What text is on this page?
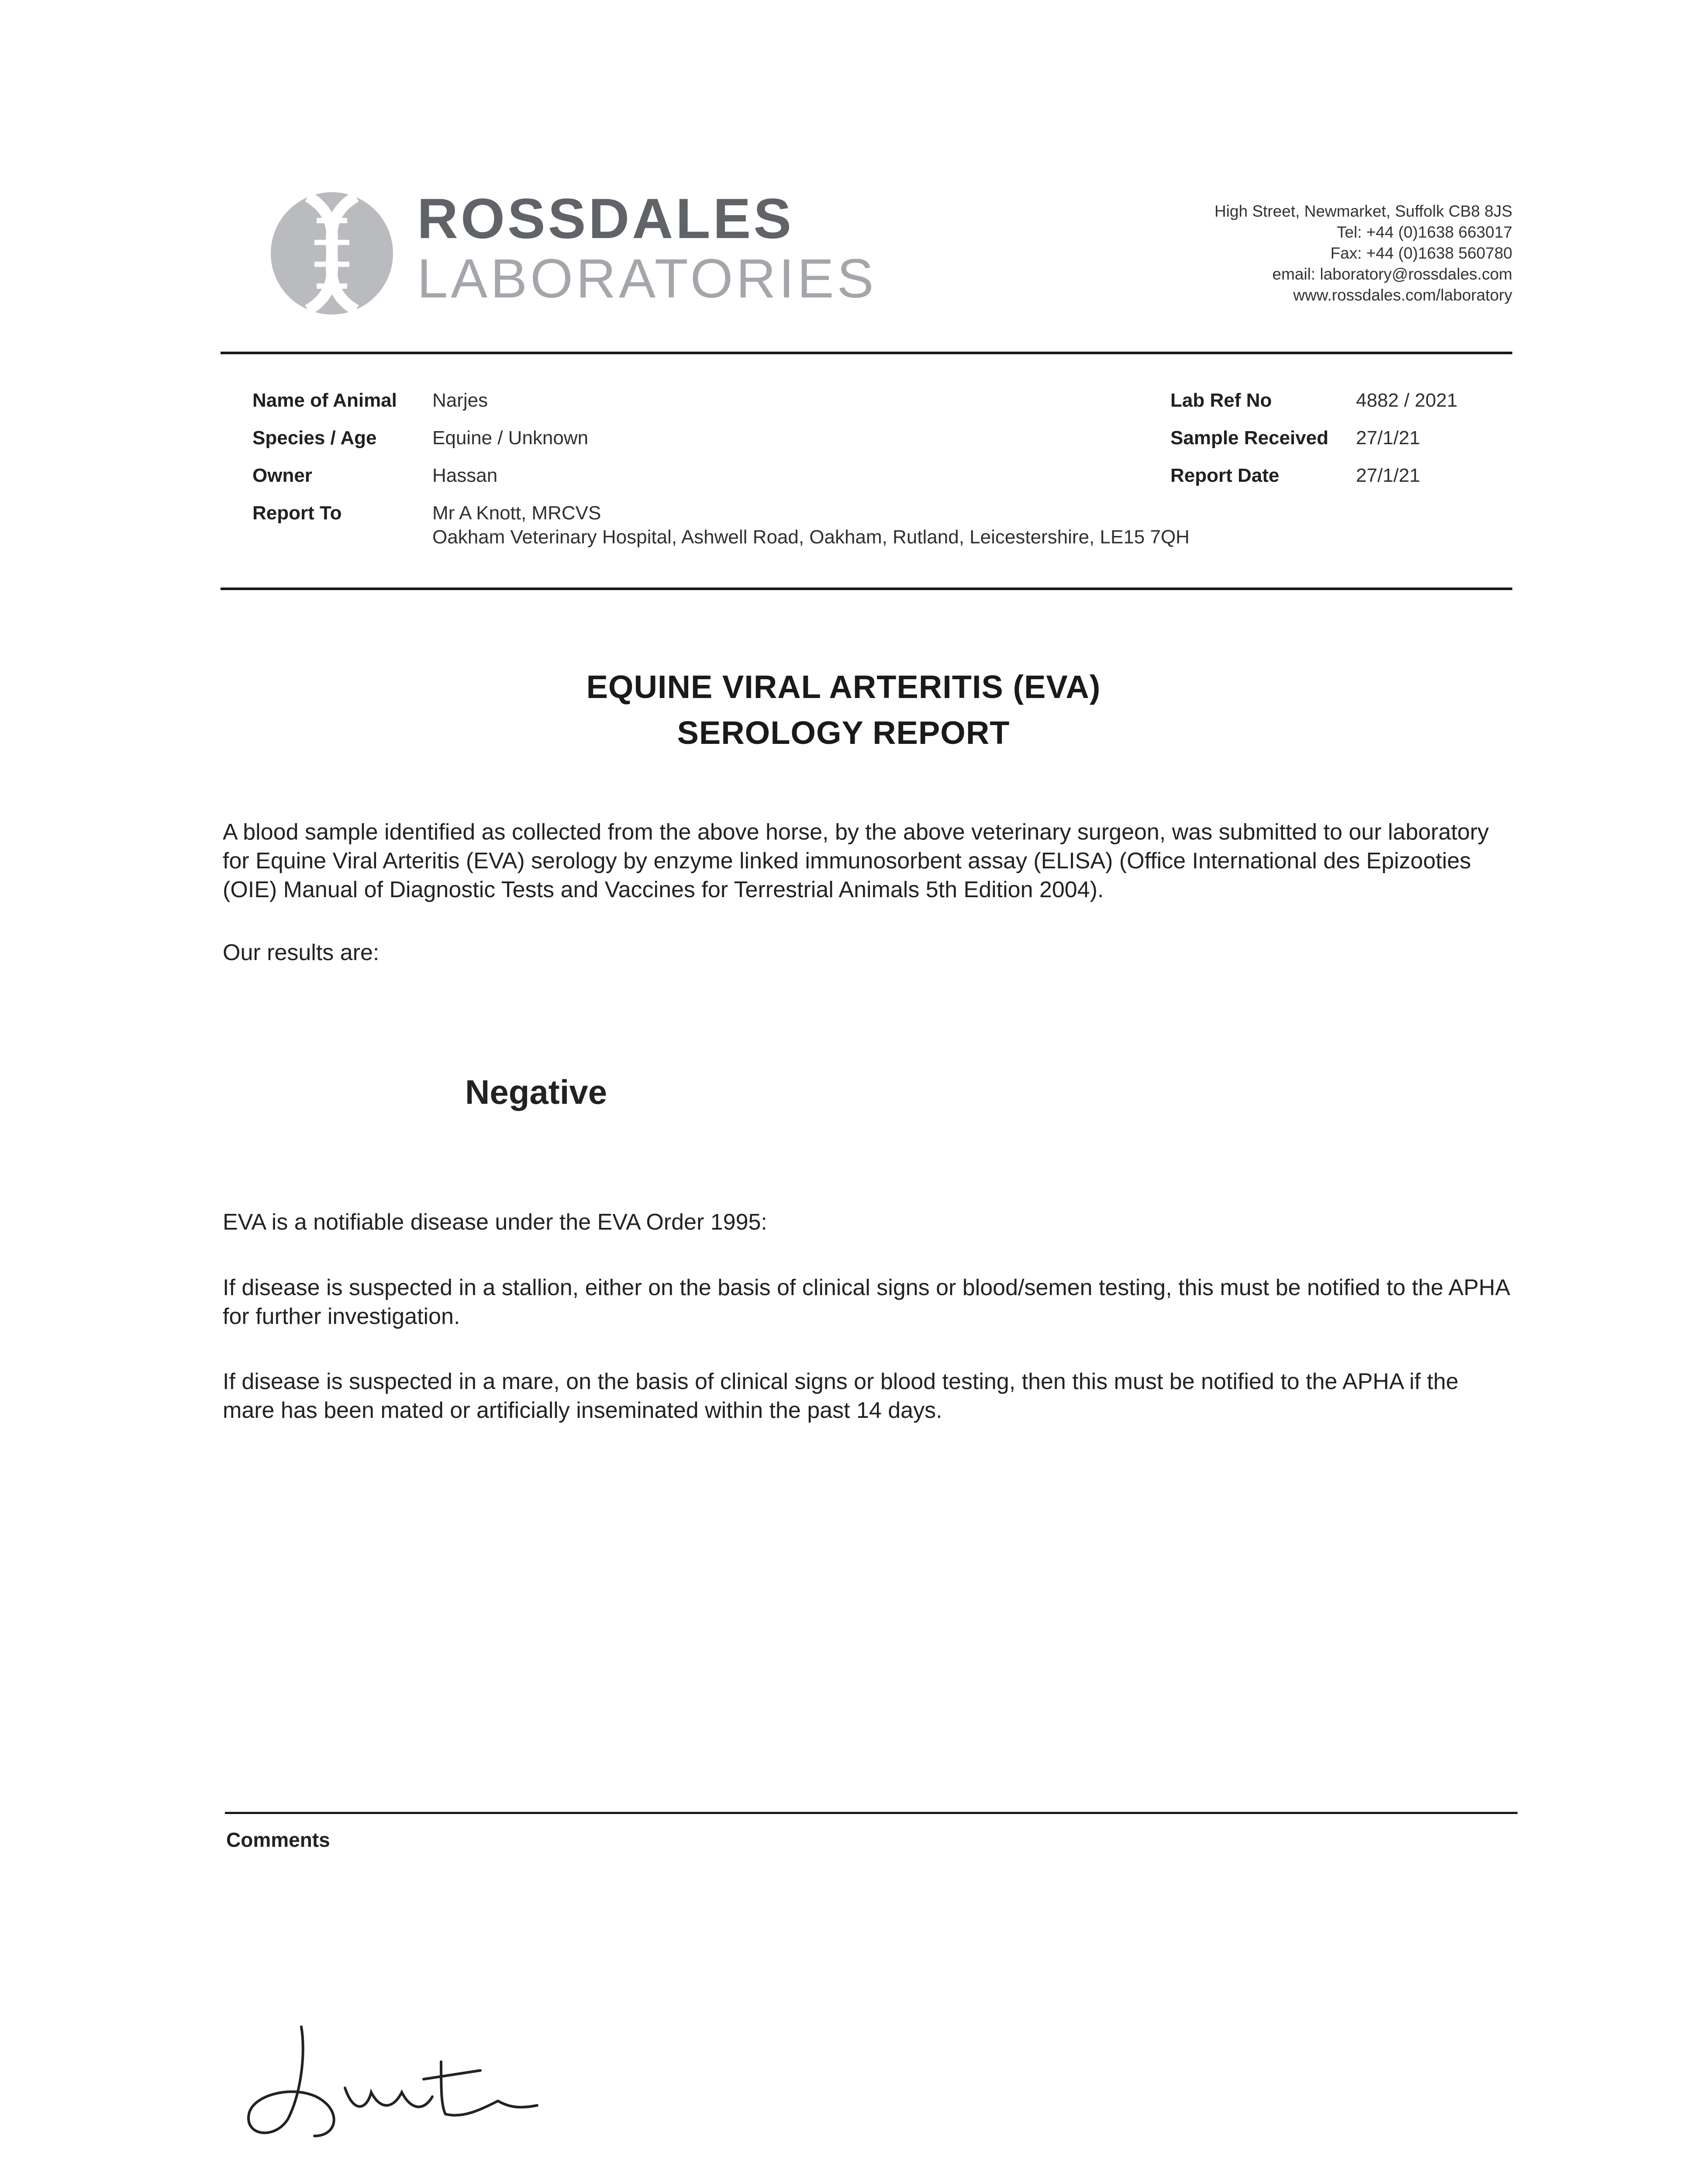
ROSSDALES
LABORATORIES
High Street, Newmarket, Suffolk CB8 8JS
Tel: +44 (0)1638 663017
Fax: +44 (0)1638 560780
email: laboratory@rossdales.com
www.rossdales.com/laboratory
Name of Animal Narjes
Species / Age	Equine / Unknown
Owner	Hassan
Report To	Mr A Knott, MRCVS
Oakham Veterinary Hospital, Ashwell Road, Oakham, Rutland, Leicestershire, LE15 7QH
Lab Ref No	4882 / 2021
Sample Received 27/1/21
Report Date	27/1/21
EQUINE VIRAL ARTERITIS (EVA)
SEROLOGY REPORT
A blood sample identified as collected from the above horse, by the above veterinary surgeon, was submitted to our laboratory for Equine Viral Arteritis (EVA) serology by enzyme linked immunosorbent assay (ELISA) (Office International des Epizooties (OIE) Manual of Diagnostic Tests and Vaccines for Terrestrial Animals 5th Edition 2004).
Our results are:
Negative
EVA is a notifiable disease under the EVA Order 1995:
If disease is suspected in a stallion, either on the basis of clinical signs or blood/semen testing, this must be notified to the APHA for further investigation.
If disease is suspected in a mare, on the basis of clinical signs or blood testing, then this must be notified to the APHA if the mare has been mated or artificially inseminated within the past 14 days.
Comments
